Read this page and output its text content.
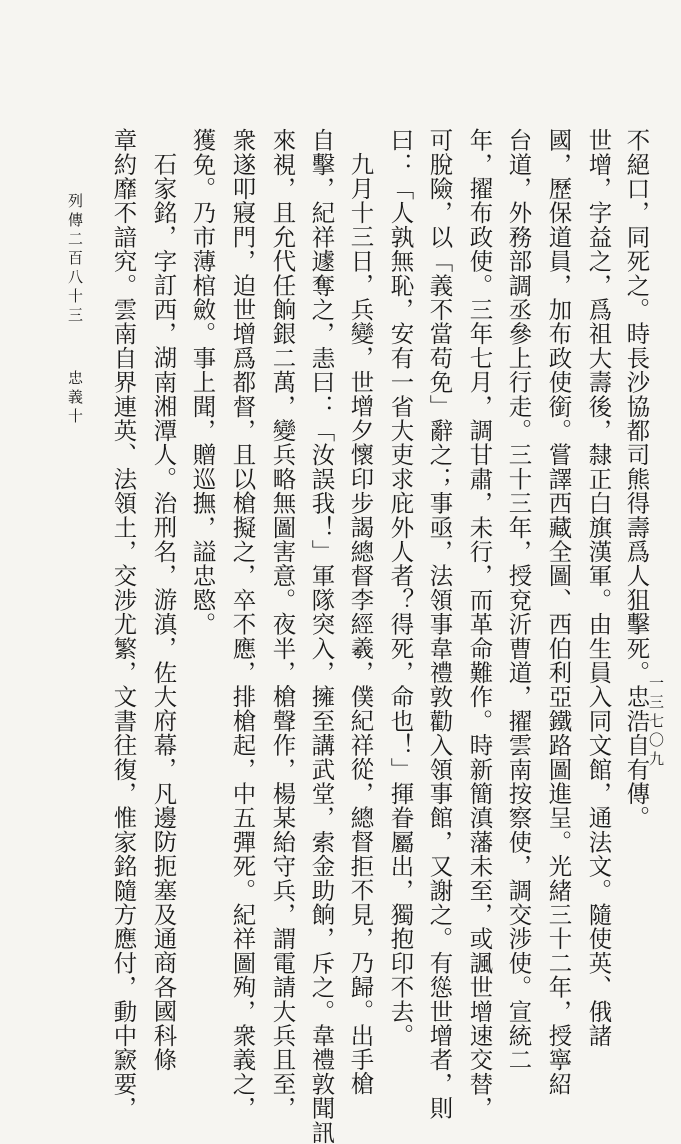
不絕口，同死之。時長沙協都司熊得壽爲人狙擊死。忠浩自有傳。
世增，字益之，爲祖大壽後，隸正白旗漢軍。由生員入同文館，通法文。隨使英、俄諸
國，歷保道員，加布政使銜。嘗譯西藏全圖、西伯利亞鐵路圖進呈。光緒三十二年，授寧紹
台道，外務部調丞參上行走。三十三年，授兗沂曹道，擢雲南按察使，調交涉使。宣統二
年，擢布政使。三年七月，調甘肅，未行，而革命難作。時新簡滇藩未至，或諷世增速交替，
可脫險，以「義不當苟免」辭之；事亟，法領事韋禮敦勸入領事館，又謝之。有慫世增者，則
曰：「人孰無恥，安有一省大吏求庇外人者？得死，命也！」揮眷屬出，獨抱印不去。
九月十三日，兵變，世增夕懷印步謁總督李經羲，僕紀祥從，總督拒不見，乃歸。出手槍
自擊，紀祥遽奪之，恚曰：「汝誤我！」軍隊突入，擁至講武堂，索金助餉，斥之。韋禮敦聞訊
來視，且允代任餉銀二萬，變兵略無圖害意。夜半，槍聲作，楊某紿守兵，謂電請大兵且至，
衆遂叩寢門，迫世增爲都督，且以槍擬之，卒不應，排槍起，中五彈死。紀祥圖殉，衆義之，
獲免。乃市薄棺斂。事上聞，贈巡撫，謚忠愍。
石家銘，字訂西，湖南湘潭人。治刑名，游滇，佐大府幕，凡邊防扼塞及通商各國科條
章約靡不諳究。雲南自界連英、法領土，交涉尤繁，文書往復，惟家銘隨方應付，動中窾要，	一三七〇九
列傳二百八十三
忠義十
